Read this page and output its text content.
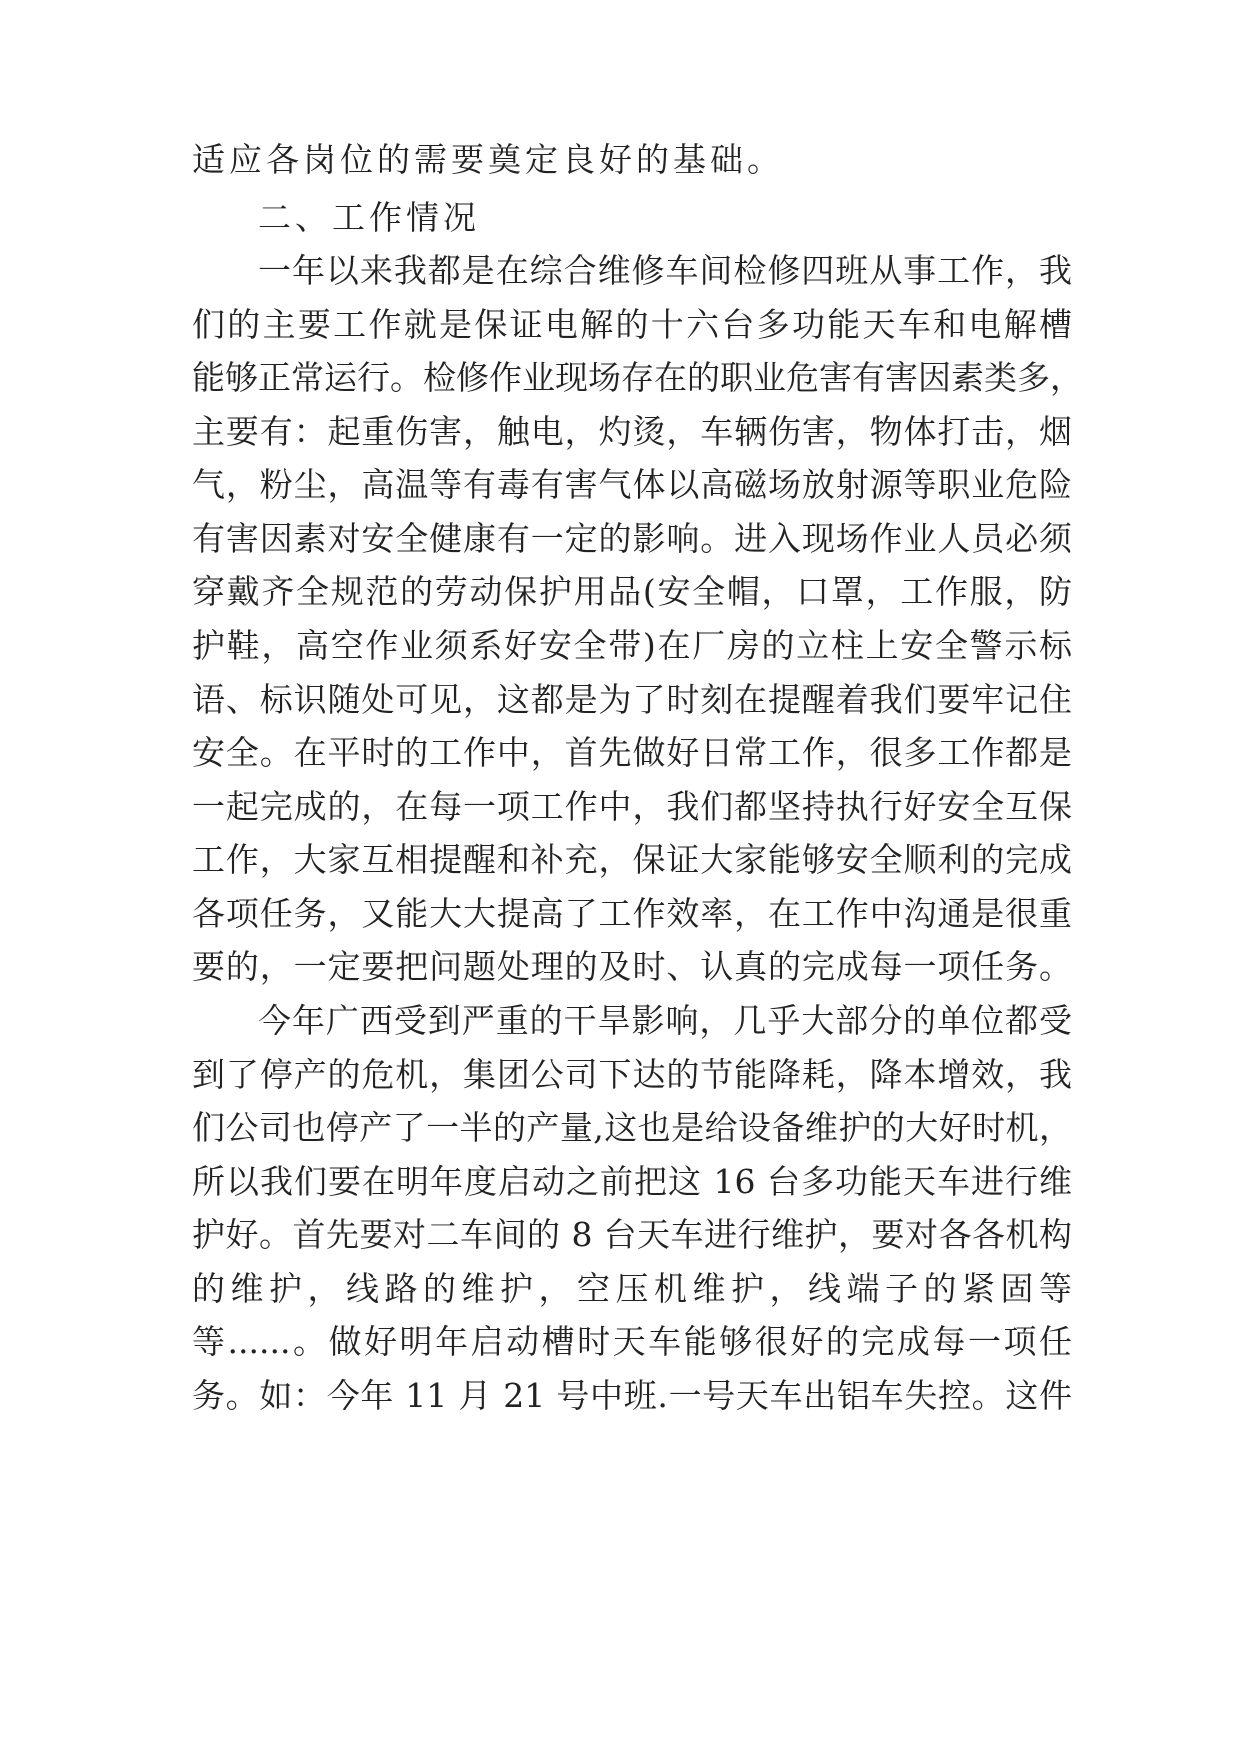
适应各岗位的需要奠定良好的基础。
二、工作情况
一年以来我都是在综合维修车间检修四班从事工作，我
们的主要工作就是保证电解的十六台多功能天车和电解槽
能够正常运行。检修作业现场存在的职业危害有害因素类多，
主要有：起重伤害，触电，灼烫，车辆伤害，物体打击，烟
气，粉尘，高温等有毒有害气体以高磁场放射源等职业危险
有害因素对安全健康有一定的影响。进入现场作业人员必须
穿戴齐全规范的劳动保护用品(安全帽，口罩，工作服，防
护鞋，高空作业须系好安全带)在厂房的立柱上安全警示标
语、标识随处可见，这都是为了时刻在提醒着我们要牢记住
安全。在平时的工作中，首先做好日常工作，很多工作都是
一起完成的，在每一项工作中，我们都坚持执行好安全互保
工作，大家互相提醒和补充，保证大家能够安全顺利的完成
各项任务，又能大大提高了工作效率，在工作中沟通是很重
要的，一定要把问题处理的及时、认真的完成每一项任务。
今年广西受到严重的干旱影响，几乎大部分的单位都受
到了停产的危机，集团公司下达的节能降耗，降本增效，我
们公司也停产了一半的产量,这也是给设备维护的大好时机，
所以我们要在明年度启动之前把这 16 台多功能天车进行维
护好。首先要对二车间的 8 台天车进行维护，要对各各机构
的维护，线路的维护，空压机维护，线端子的紧固等
等......。做好明年启动槽时天车能够很好的完成每一项任
务。如：今年 11 月 21 号中班.一号天车出铝车失控。这件
